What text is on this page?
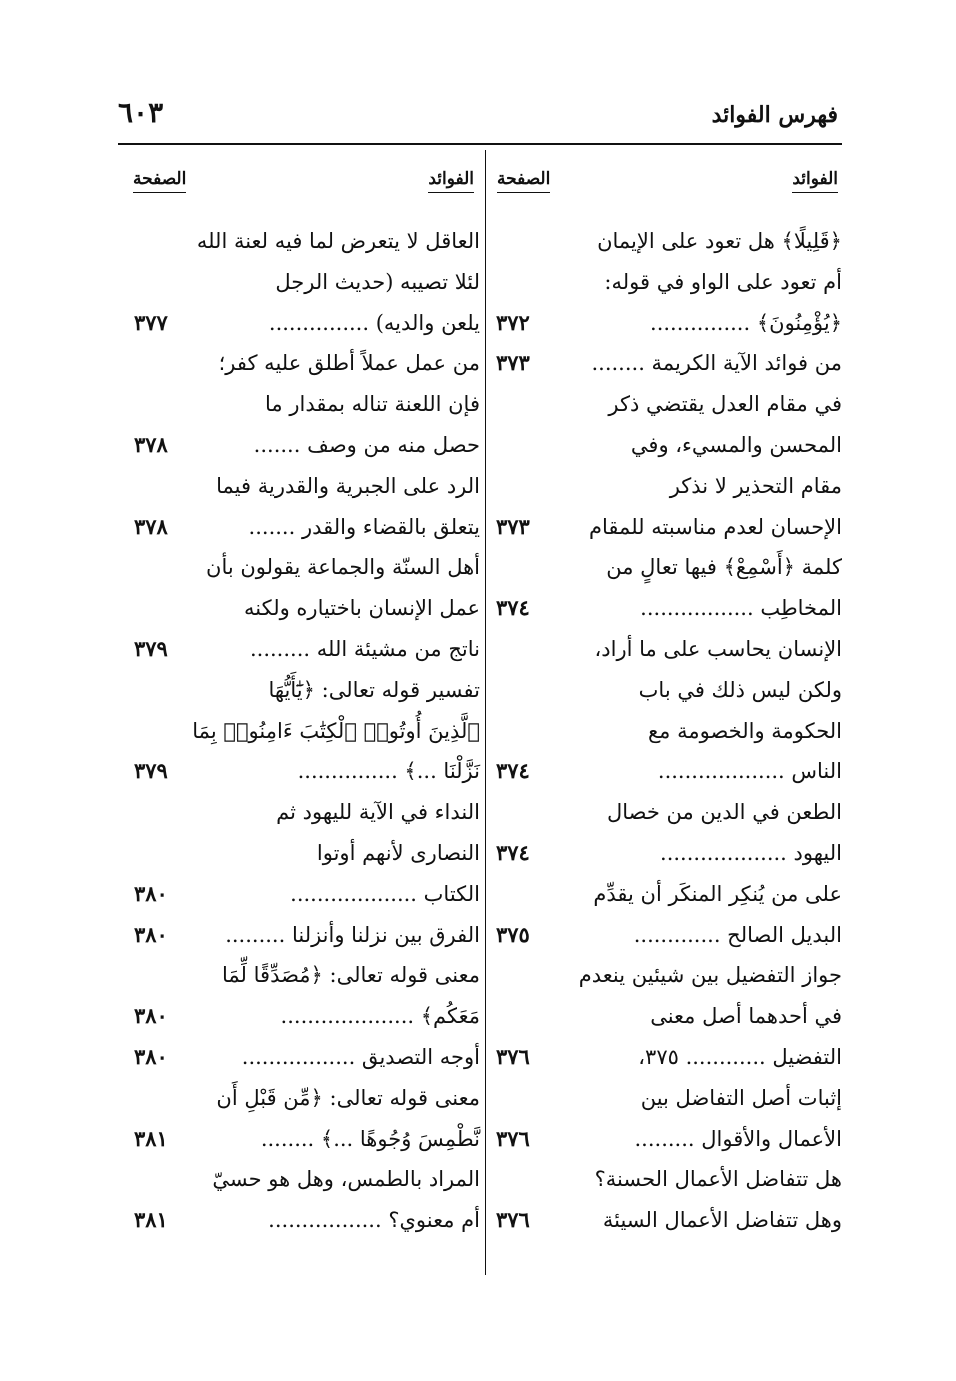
فهرس الفوائد
٦٠٣
الفوائد
الصفحة
الفوائد
الصفحة
﴿قَلِيلًا﴾ هل تعود على الإيمان
أم تعود على الواو في قوله:
﴿يُؤْمِنُونَ﴾ ...............
٣٧٢
من فوائد الآية الكريمة ........
٣٧٣
في مقام العدل يقتضي ذكر
المحسن والمسيء، وفي
مقام التحذير لا نذكر
الإحسان لعدم مناسبته للمقام
٣٧٣
كلمة ﴿أَسْمِعْ﴾ فيها تعالٍ من
المخاطِب .................
٣٧٤
الإنسان يحاسب على ما أراد،
ولكن ليس ذلك في باب
الحكومة والخصومة مع
الناس ...................
٣٧٤
الطعن في الدين من خصال
اليهود ...................
٣٧٤
على من يُنكِر المنكَر أن يقدِّم
البديل الصالح .............
٣٧٥
جواز التفضيل بين شيئين ينعدم
في أحدهما أصل معنى
التفضيل ............ ٣٧٥،
٣٧٦
إثبات أصل التفاضل بين
الأعمال والأقوال .........
٣٧٦
هل تتفاضل الأعمال الحسنة؟
وهل تتفاضل الأعمال السيئة
٣٧٦
العاقل لا يتعرض لما فيه لعنة الله
لئلا تصيبه (حديث الرجل
يلعن والديه) ...............
٣٧٧
من عمل عملاً أطلق عليه كفر؛
فإن اللعنة تناله بمقدار ما
حصل منه من وصف .......
٣٧٨
الرد على الجبرية والقدرية فيما
يتعلق بالقضاء والقدر .......
٣٧٨
أهل السنّة والجماعة يقولون بأن
عمل الإنسان باختياره ولكنه
ناتج من مشيئة الله .........
٣٧٩
تفسير قوله تعالى: ﴿يَٰٓأَيُّهَا
ٱلَّذِينَ أُوتُوا۟ ٱلْكِتَٰبَ ءَامِنُوا۟ بِمَا
نَزَّلْنَا ...﴾ ...............
٣٧٩
النداء في الآية لليهود ثم
النصارى لأنهم أوتوا
الكتاب ...................
٣٨٠
الفرق بين نزلنا وأنزلنا .........
٣٨٠
معنى قوله تعالى: ﴿مُصَدِّقًا لِّمَا
مَعَكُم﴾ ....................
٣٨٠
أوجه التصديق .................
٣٨٠
معنى قوله تعالى: ﴿مِّن قَبْلِ أَن
نَّطْمِسَ وُجُوهًا ...﴾ ........
٣٨١
المراد بالطمس، وهل هو حسيّ
أم معنوي؟ .................
٣٨١
